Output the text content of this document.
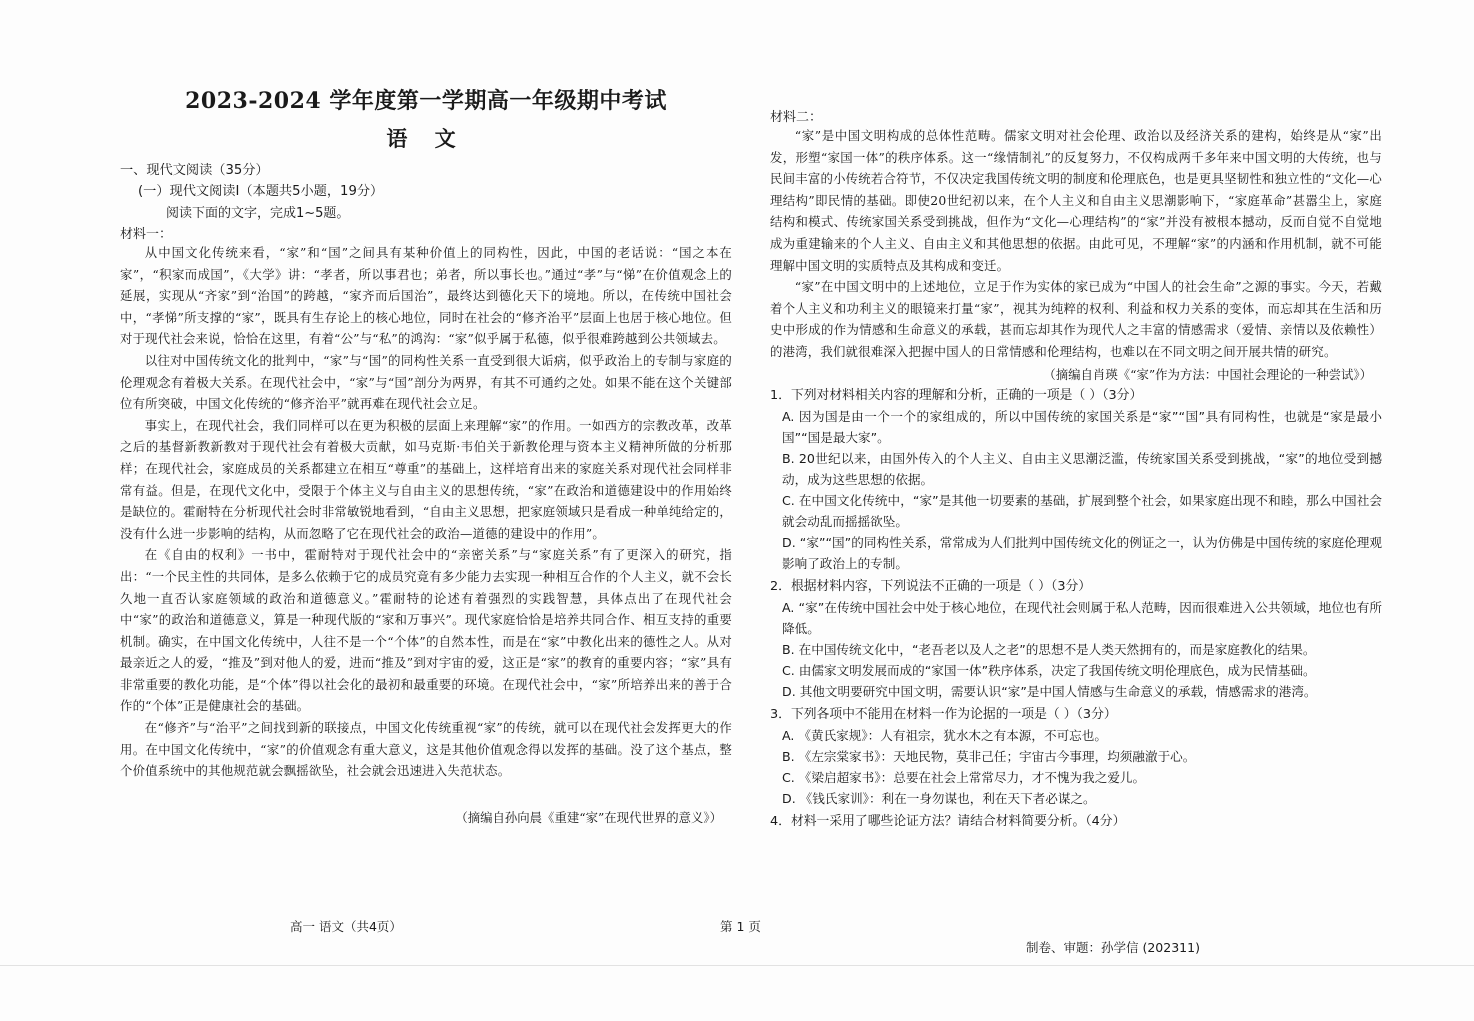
2023-2024 学年度第一学期高一年级期中考试
语 文
一、现代文阅读（35分）
(一）现代文阅读Ⅰ（本题共5小题，19分）
阅读下面的文字，完成1~5题。
材料一：

从中国文化传统来看，“家”和“国”之间具有某种价值上的同构性，因此，中国的老话说：“国之本在家”，“积家而成国”，《大学》讲：“孝者，所以事君也；弟者，所以事长也。”通过“孝”与“悌”在价值观念上的延展，实现从“齐家”到“治国”的跨越，“家齐而后国治”，最终达到德化天下的境地。所以，在传统中国社会中，“孝悌”所支撑的“家”，既具有生存论上的核心地位，同时在社会的“修齐治平”层面上也居于核心地位。但对于现代社会来说，恰恰在这里，有着“公”与“私”的鸿沟：“家”似乎属于私德，似乎很难跨越到公共领域去。

以往对中国传统文化的批判中，“家”与“国”的同构性关系一直受到很大诟病，似乎政治上的专制与家庭的伦理观念有着极大关系。在现代社会中，“家”与“国”剖分为两界，有其不可通约之处。如果不能在这个关键部位有所突破，中国文化传统的“修齐治平”就再难在现代社会立足。

事实上，在现代社会，我们同样可以在更为积极的层面上来理解“家”的作用。一如西方的宗教改革，改革之后的基督新教新教对于现代社会有着极大贡献，如马克斯·韦伯关于新教伦理与资本主义精神所做的分析那样；在现代社会，家庭成员的关系都建立在相互“尊重”的基础上，这样培育出来的家庭关系对现代社会同样非常有益。但是，在现代文化中，受限于个体主义与自由主义的思想传统，“家”在政治和道德建设中的作用始终是缺位的。霍耐特在分析现代社会时非常敏锐地看到，“自由主义思想，把家庭领域只是看成一种单纯给定的，没有什么进一步影响的结构，从而忽略了它在现代社会的政治—道德的建设中的作用”。

在《自由的权利》一书中，霍耐特对于现代社会中的“亲密关系”与“家庭关系”有了更深入的研究，指出：“一个民主性的共同体，是多么依赖于它的成员究竟有多少能力去实现一种相互合作的个人主义，就不会长久地一直否认家庭领域的政治和道德意义。”霍耐特的论述有着强烈的实践智慧，具体点出了在现代社会中“家”的政治和道德意义，算是一种现代版的“家和万事兴”。现代家庭恰恰是培养共同合作、相互支持的重要机制。确实，在中国文化传统中，人往不是一个“个体”的自然本性，而是在“家”中教化出来的德性之人。从对最亲近之人的爱，“推及”到对他人的爱，进而“推及”到对宇宙的爱，这正是“家”的教育的重要内容；“家”具有非常重要的教化功能，是“个体”得以社会化的最初和最重要的环境。在现代社会中，“家”所培养出来的善于合作的“个体”正是健康社会的基础。

在“修齐”与“治平”之间找到新的联接点，中国文化传统重视“家”的传统，就可以在现代社会发挥更大的作用。在中国文化传统中，“家”的价值观念有重大意义，这是其他价值观念得以发挥的基础。没了这个基点，整个价值系统中的其他规范就会飘摇欲坠，社会就会迅速进入失范状态。

（摘编自孙向晨《重建“家”在现代世界的意义》）
材料二：

“家”是中国文明构成的总体性范畴。儒家文明对社会伦理、政治以及经济关系的建构，始终是从“家”出发，形塑“家国一体”的秩序体系。这一“缘情制礼”的反复努力，不仅构成两千多年来中国文明的大传统，也与民间丰富的小传统若合符节，不仅决定我国传统文明的制度和伦理底色，也是更具坚韧性和独立性的“文化—心理结构”即民情的基础。即使20世纪初以来，在个人主义和自由主义思潮影响下，“家庭革命”甚嚣尘上，家庭结构和模式、传统家国关系受到挑战，但作为“文化—心理结构”的“家”并没有被根本撼动，反而自觉不自觉地成为重建输来的个人主义、自由主义和其他思想的依据。由此可见，不理解“家”的内涵和作用机制，就不可能理解中国文明的实质特点及其构成和变迁。

“家”在中国文明中的上述地位，立足于作为实体的家已成为“中国人的社会生命”之源的事实。今天，若戴着个人主义和功利主义的眼镜来打量“家”，视其为纯粹的权利、利益和权力关系的变体，而忘却其在生活和历史中形成的作为情感和生命意义的承载，甚而忘却其作为现代人之丰富的情感需求（爱情、亲情以及依赖性）的港湾，我们就很难深入把握中国人的日常情感和伦理结构，也难以在不同文明之间开展共情的研究。

（摘编自肖瑛《“家”作为方法：中国社会理论的一种尝试》）
1．下列对材料相关内容的理解和分析，正确的一项是（ ）（3分）
A. 因为国是由一个一个的家组成的，所以中国传统的家国关系是“家”“国”具有同构性，也就是“家是最小国”“国是最大家”。
B. 20世纪以来，由国外传入的个人主义、自由主义思潮泛滥，传统家国关系受到挑战，“家”的地位受到撼动，成为这些思想的依据。
C. 在中国文化传统中，“家”是其他一切要素的基础，扩展到整个社会，如果家庭出现不和睦，那么中国社会就会动乱而摇摇欲坠。
D. “家”“国”的同构性关系，常常成为人们批判中国传统文化的例证之一，认为仿佛是中国传统的家庭伦理观影响了政治上的专制。
2．根据材料内容，下列说法不正确的一项是（ ）（3分）
A. “家”在传统中国社会中处于核心地位，在现代社会则属于私人范畴，因而很难进入公共领域，地位也有所降低。
B. 在中国传统文化中，“老吾老以及人之老”的思想不是人类天然拥有的，而是家庭教化的结果。
C. 由儒家文明发展而成的“家国一体”秩序体系，决定了我国传统文明伦理底色，成为民情基础。
D. 其他文明要研究中国文明，需要认识“家”是中国人情感与生命意义的承载，情感需求的港湾。
3．下列各项中不能用在材料一作为论据的一项是（ ）（3分）
A. 《黄氏家规》：人有祖宗，犹水木之有本源，不可忘也。
B. 《左宗棠家书》：天地民物，莫非己任；宇宙古今事理，均须融澈于心。
C. 《梁启超家书》：总要在社会上常常尽力，才不愧为我之爱儿。
D. 《钱氏家训》：利在一身勿谋也，利在天下者必谋之。
4．材料一采用了哪些论证方法？请结合材料简要分析。（4分）
高一 语文（共4页）	第 1 页
制卷、审题：孙学信 (202311)
